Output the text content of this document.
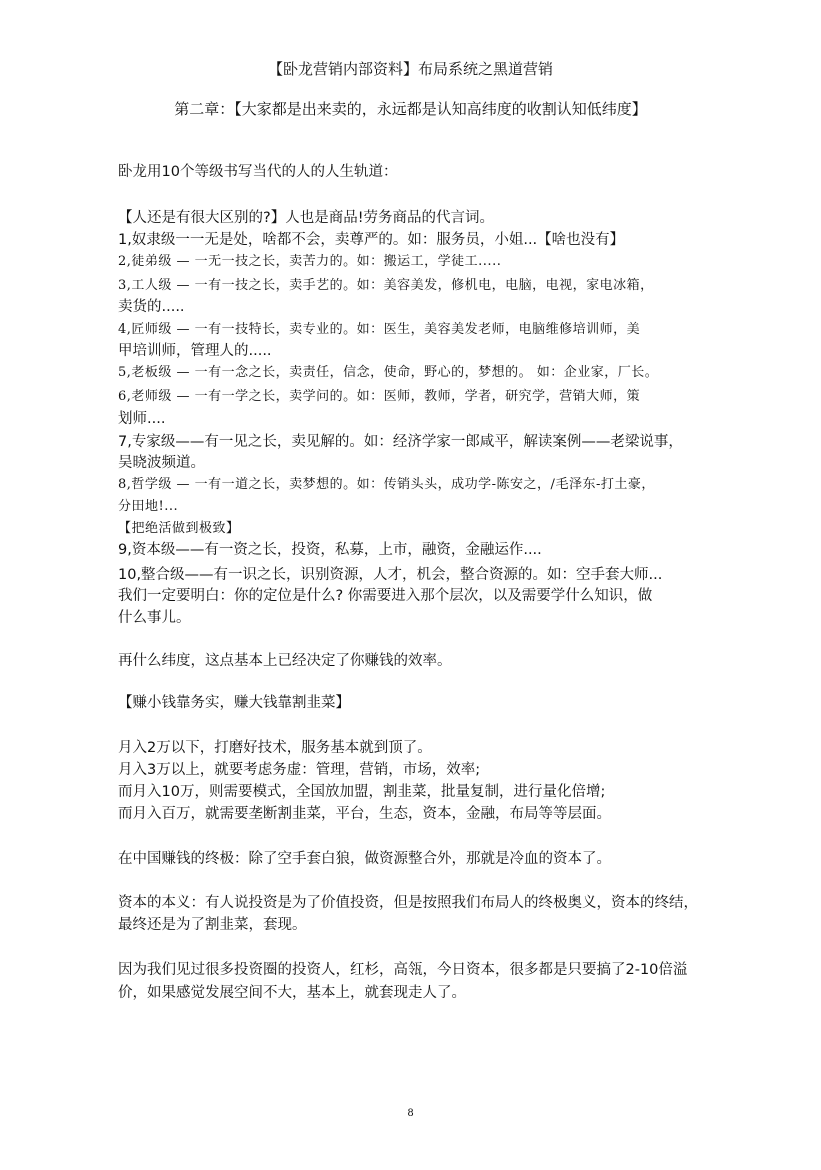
【卧龙营销内部资料】布局系统之黑道营销
第二章：【大家都是出来卖的，永远都是认知高纬度的收割认知低纬度】
卧龙用10个等级书写当代的人的人生轨道：
【人还是有很大区别的?】人也是商品!劳务商品的代言词。
1,奴隶级一一无是处，啥都不会，卖尊严的。如：服务员，小姐...【啥也没有】
2,徒弟级 — 一无一技之长，卖苦力的。如：搬运工，学徒工.....
3,工人级 — 一有一技之长，卖手艺的。如：美容美发，修机电，电脑，电视，家电冰箱，
卖货的.....
4,匠师级 — 一有一技特长，卖专业的。如：医生，美容美发老师，电脑维修培训师，美
甲培训师，管理人的.....
5,老板级 — 一有一念之长，卖责任，信念，使命，野心的，梦想的。 如：企业家，厂长。
6,老师级 — 一有一学之长，卖学问的。如：医师，教师，学者，研究学，营销大师，策
划师....
7,专家级——有一见之长，卖见解的。如：经济学家一郎咸平，解读案例——老梁说事，
吴晓波频道。
8,哲学级 — 一有一道之长，卖梦想的。如：传销头头，成功学-陈安之，/毛泽东-打土豪，
分田地!...
【把绝活做到极致】
9,资本级——有一资之长，投资，私募，上市，融资，金融运作....
10,整合级——有一识之长，识别资源，人才，机会，整合资源的。如：空手套大师...
我们一定要明白：你的定位是什么? 你需要进入那个层次，以及需要学什么知识，做
什么事儿。
再什么纬度，这点基本上已经决定了你赚钱的效率。
【赚小钱靠务实，赚大钱靠割韭菜】
月入2万以下，打磨好技术，服务基本就到顶了。
月入3万以上，就要考虑务虚：管理，营销，市场，效率;
而月入10万，则需要模式，全国放加盟，割韭菜，批量复制，进行量化倍增;
而月入百万，就需要垄断割韭菜，平台，生态，资本，金融，布局等等层面。
在中国赚钱的终极：除了空手套白狼，做资源整合外，那就是冷血的资本了。
资本的本义：有人说投资是为了价值投资，但是按照我们布局人的终极奥义，资本的终结，
最终还是为了割韭菜，套现。
因为我们见过很多投资圈的投资人，红杉，高瓴，今日资本，很多都是只要搞了2-10倍溢
价，如果感觉发展空间不大，基本上，就套现走人了。
8
